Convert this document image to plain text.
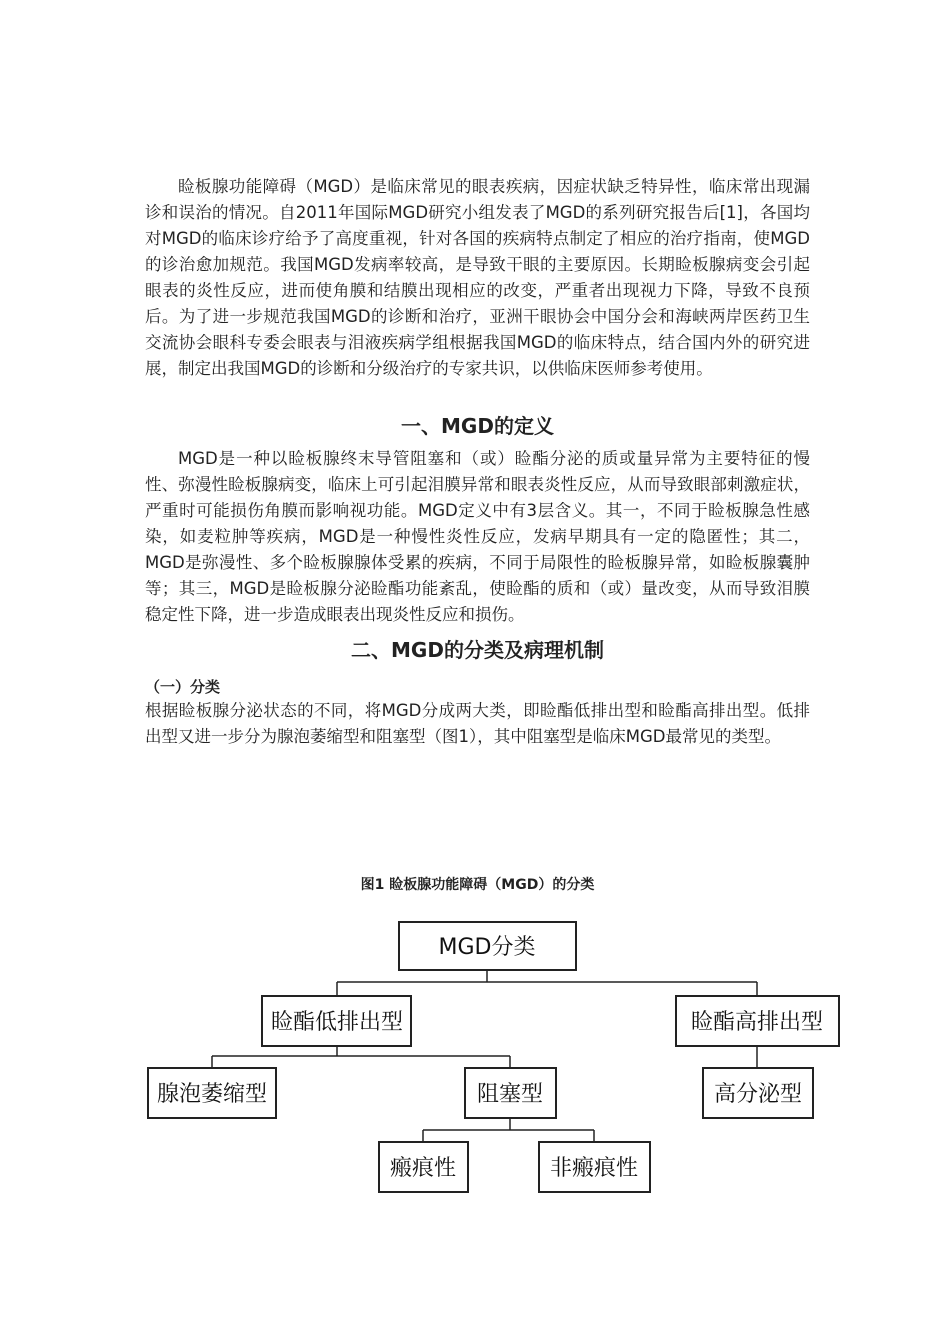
睑板腺功能障碍（MGD）是临床常见的眼表疾病，因症状缺乏特异性，临床常出现漏诊和误治的情况。自2011年国际MGD研究小组发表了MGD的系列研究报告后[1]，各国均对MGD的临床诊疗给予了高度重视，针对各国的疾病特点制定了相应的治疗指南，使MGD的诊治愈加规范。我国MGD发病率较高，是导致干眼的主要原因。长期睑板腺病变会引起眼表的炎性反应，进而使角膜和结膜出现相应的改变，严重者出现视力下降，导致不良预后。为了进一步规范我国MGD的诊断和治疗，亚洲干眼协会中国分会和海峡两岸医药卫生交流协会眼科专委会眼表与泪液疾病学组根据我国MGD的临床特点，结合国内外的研究进展，制定出我国MGD的诊断和分级治疗的专家共识，以供临床医师参考使用。

一、MGD的定义

MGD是一种以睑板腺终末导管阻塞和（或）睑酯分泌的质或量异常为主要特征的慢性、弥漫性睑板腺病变，临床上可引起泪膜异常和眼表炎性反应，从而导致眼部刺激症状，严重时可能损伤角膜而影响视功能。MGD定义中有3层含义。其一，不同于睑板腺急性感染，如麦粒肿等疾病，MGD是一种慢性炎性反应，发病早期具有一定的隐匿性；其二，MGD是弥漫性、多个睑板腺腺体受累的疾病，不同于局限性的睑板腺异常，如睑板腺囊肿等；其三，MGD是睑板腺分泌睑酯功能紊乱，使睑酯的质和（或）量改变，从而导致泪膜稳定性下降，进一步造成眼表出现炎性反应和损伤。

二、MGD的分类及病理机制

（一）分类

根据睑板腺分泌状态的不同，将MGD分成两大类，即睑酯低排出型和睑酯高排出型。低排出型又进一步分为腺泡萎缩型和阻塞型（图1），其中阻塞型是临床MGD最常见的类型。

图1 睑板腺功能障碍（MGD）的分类

MGD分类
睑酯低排出型	睑酯高排出型
腺泡萎缩型	阻塞型	高分泌型
瘢痕性	非瘢痕性
